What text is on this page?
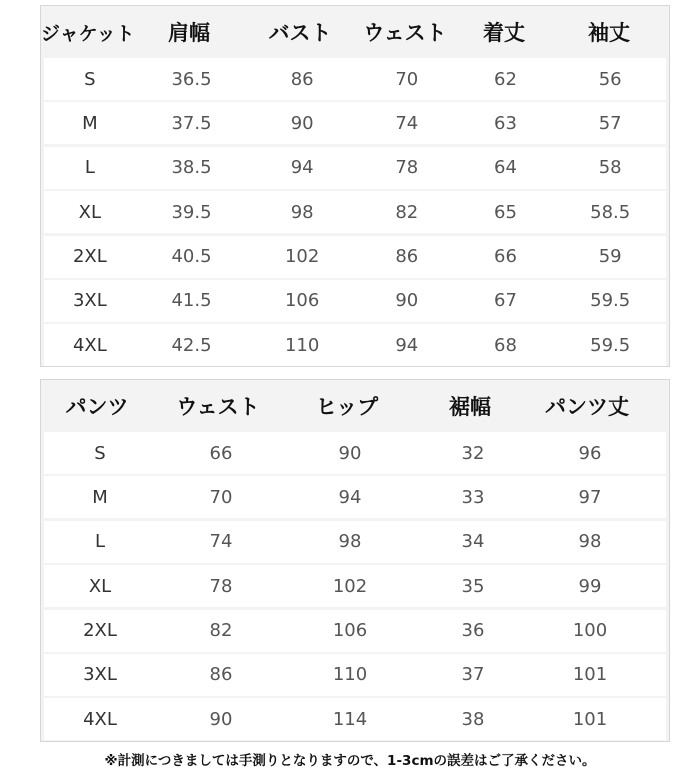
ジャケット	肩幅	バスト	ウェスト	着丈	袖丈
S	36.5	86	70	62	56
M	37.5	90	74	63	57
L	38.5	94	78	64	58
XL	39.5	98	82	65	58.5
2XL	40.5	102	86	66	59
3XL	41.5	106	90	67	59.5
4XL	42.5	110	94	68	59.5
パンツ	ウェスト	ヒップ	裾幅	パンツ丈
S	66	90	32	96
M	70	94	33	97
L	74	98	34	98
XL	78	102	35	99
2XL	82	106	36	100
3XL	86	110	37	101
4XL	90	114	38	101
※計測につきましては手測りとなりますので、1-3cmの誤差はご了承ください。
